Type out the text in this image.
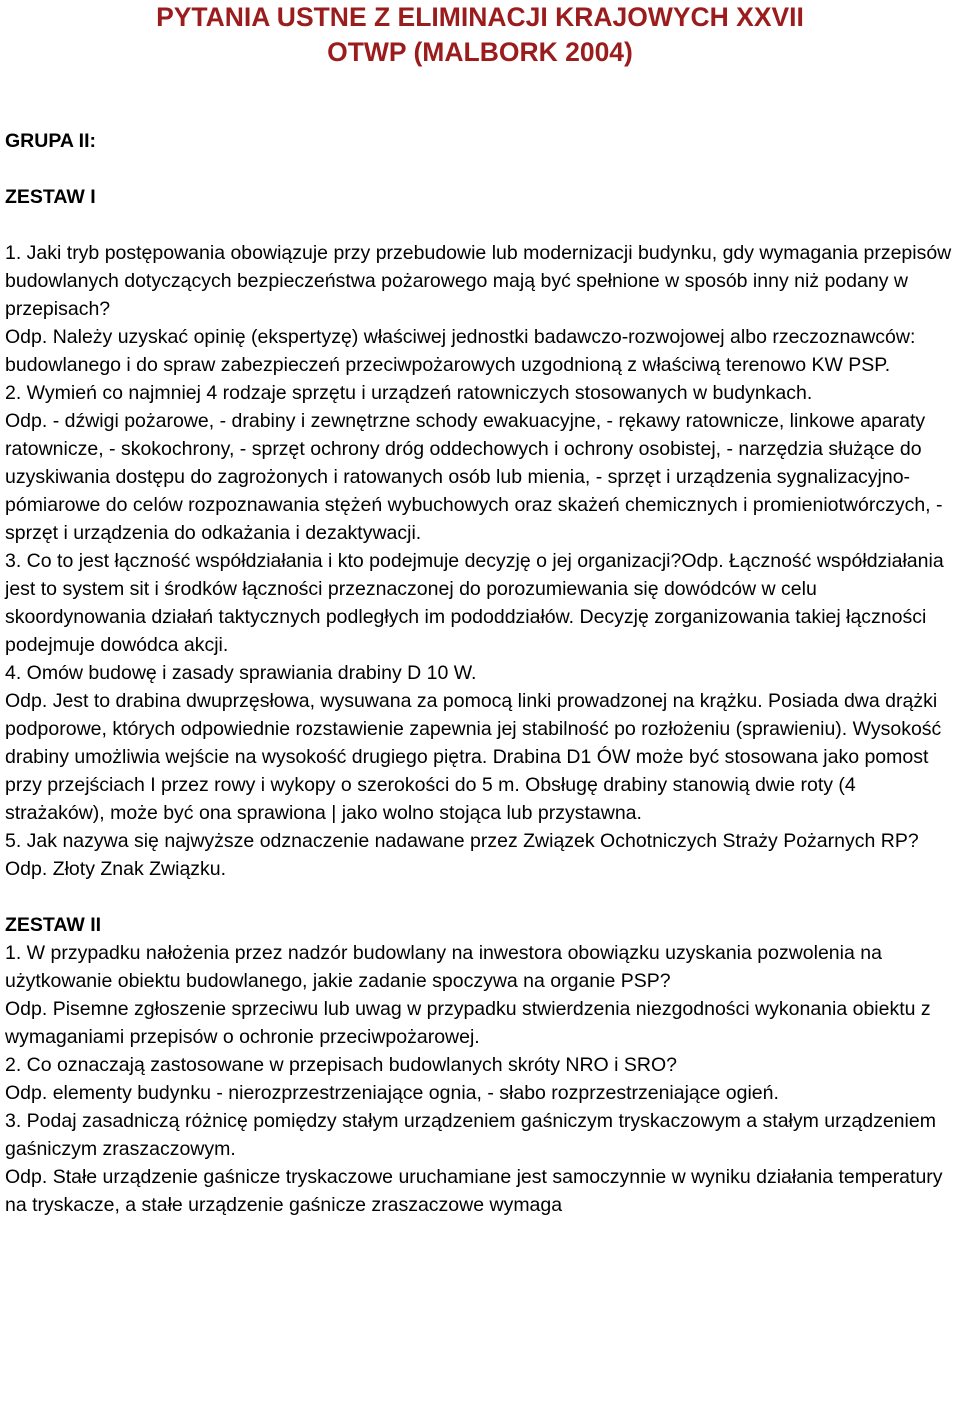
PYTANIA USTNE Z ELIMINACJI KRAJOWYCH XXVII
OTWP (MALBORK 2004)

GRUPA II:

ZESTAW I

1. Jaki tryb postępowania obowiązuje przy przebudowie lub modernizacji budynku, gdy wymagania przepisów budowlanych dotyczących bezpieczeństwa pożarowego mają być spełnione w sposób inny niż podany w przepisach?
Odp. Należy uzyskać opinię (ekspertyzę) właściwej jednostki badawczo-rozwojowej albo rzeczoznawców: budowlanego i do spraw zabezpieczeń przeciwpożarowych uzgodnioną z właściwą terenowo KW PSP.
2. Wymień co najmniej 4 rodzaje sprzętu i urządzeń ratowniczych stosowanych w budynkach.
Odp. - dźwigi pożarowe, - drabiny i zewnętrzne schody ewakuacyjne, - rękawy ratownicze, linkowe aparaty ratownicze, - skokochrony, - sprzęt ochrony dróg oddechowych i ochrony osobistej, - narzędzia służące do uzyskiwania dostępu do zagrożonych i ratowanych osób lub mienia, - sprzęt i urządzenia sygnalizacyjno-pómiarowe do celów rozpoznawania stężeń wybuchowych oraz skażeń chemicznych i promieniotwórczych, - sprzęt i urządzenia do odkażania i dezaktywacji.
3. Co to jest łączność współdziałania i kto podejmuje decyzję o jej organizacji?Odp. Łączność współdziałania jest to system sit i środków łączności przeznaczonej do porozumiewania się dowódców w celu skoordynowania działań taktycznych podległych im pododdziałów. Decyzję zorganizowania takiej łączności podejmuje dowódca akcji.
4. Omów budowę i zasady sprawiania drabiny D 10 W.
Odp. Jest to drabina dwuprzęsłowa, wysuwana za pomocą linki prowadzonej na krążku. Posiada dwa drążki podporowe, których odpowiednie rozstawienie zapewnia jej stabilność po rozłożeniu (sprawieniu). Wysokość drabiny umożliwia wejście na wysokość drugiego piętra. Drabina D1 ÓW może być stosowana jako pomost przy przejściach I przez rowy i wykopy o szerokości do 5 m. Obsługę drabiny stanowią dwie roty (4 strażaków), może być ona sprawiona | jako wolno stojąca lub przystawna.
5. Jak nazywa się najwyższe odznaczenie nadawane przez Związek Ochotniczych Straży Pożarnych RP?
Odp. Złoty Znak Związku.

ZESTAW II

1. W przypadku nałożenia przez nadzór budowlany na inwestora obowiązku uzyskania pozwolenia na użytkowanie obiektu budowlanego, jakie zadanie spoczywa na organie PSP?
Odp. Pisemne zgłoszenie sprzeciwu lub uwag w przypadku stwierdzenia niezgodności wykonania obiektu z wymaganiami przepisów o ochronie przeciwpożarowej.
2. Co oznaczają zastosowane w przepisach budowlanych skróty NRO i SRO?
Odp. elementy budynku - nierozprzestrzeniające ognia, - słabo rozprzestrzeniające ogień.
3. Podaj zasadniczą różnicę pomiędzy stałym urządzeniem gaśniczym tryskaczowym a stałym urządzeniem gaśniczym zraszaczowym.
Odp. Stałe urządzenie gaśnicze tryskaczowe uruchamiane jest samoczynnie w wyniku działania temperatury na tryskacze, a stałe urządzenie gaśnicze zraszaczowe wymaga
